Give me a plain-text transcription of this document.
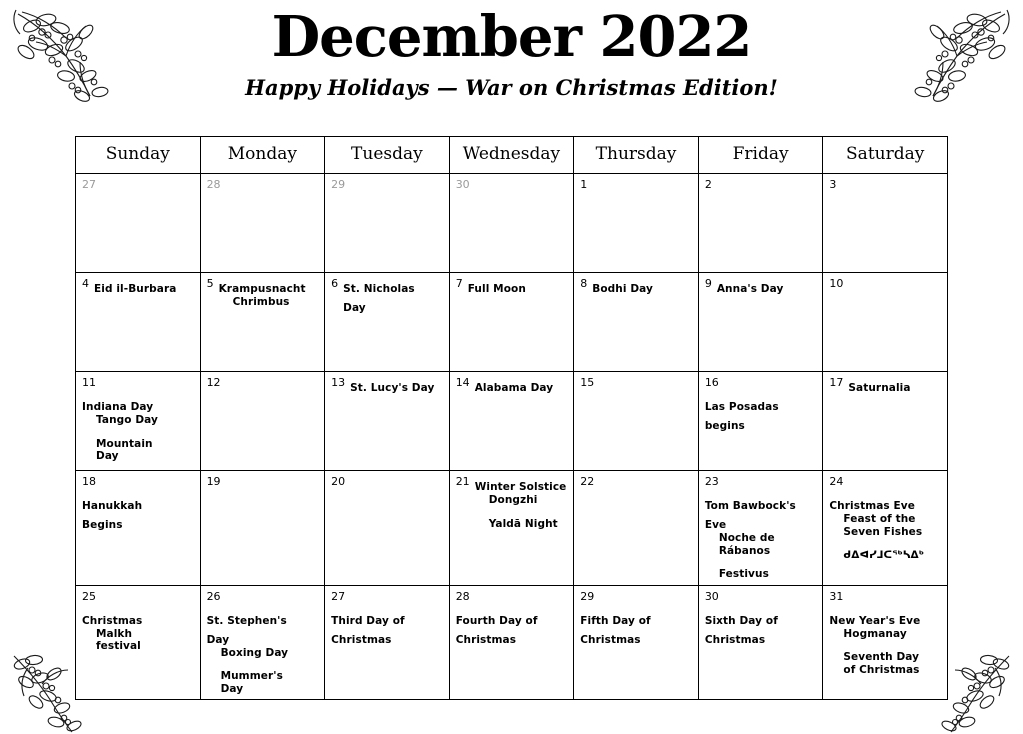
December 2022

Happy Holidays — War on Christmas Edition!

Sunday	Monday	Tuesday	Wednesday	Thursday	Friday	Saturday

27	28	29	30	1	2	3

4 Eid il-Burbara	5 Krampusnacht
Chrimbus	6 St. Nicholas Day	7 Full Moon	8 Bodhi Day	9 Anna's Day	10

11Indiana Day
Tango Day
Mountain Day	12	13 St. Lucy's Day	14 Alabama Day	15	16Las Posadas begins	17 Saturnalia

18Hanukkah Begins	19	20	21 Winter Solstice
Dongzhi
Yaldā Night	22	23Tom Bawbock's Eve
Noche de Rábanos
Festivus	24Christmas Eve
Feast of the Seven Fishes
ᑯᐃᐊᓯᒧᑕᖅᓴᐃᒃ

25Christmas
Malkh festival	26St. Stephen's Day
Boxing Day
Mummer's Day	27Third Day of Christmas	28Fourth Day of Christmas	29Fifth Day of Christmas	30Sixth Day of Christmas	31New Year's Eve
Hogmanay
Seventh Day of Christmas
